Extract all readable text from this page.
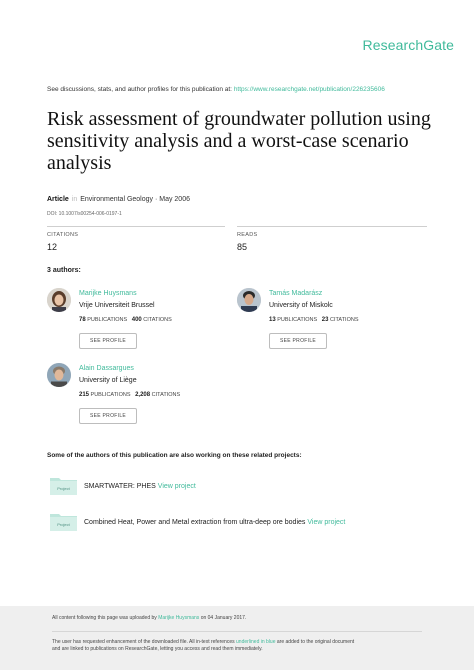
ResearchGate
See discussions, stats, and author profiles for this publication at: https://www.researchgate.net/publication/226235606
Risk assessment of groundwater pollution using sensitivity analysis and a worst-case scenario analysis
Article in Environmental Geology · May 2006
DOI: 10.1007/s00254-006-0197-1
CITATIONS
12
READS
85
3 authors:
Marijke Huysmans
Vrije Universiteit Brussel
78 PUBLICATIONS 400 CITATIONS
SEE PROFILE
Tamás Madarász
University of Miskolc
13 PUBLICATIONS 23 CITATIONS
SEE PROFILE
Alain Dassargues
University of Liège
215 PUBLICATIONS 2,208 CITATIONS
SEE PROFILE
Some of the authors of this publication are also working on these related projects:
Project SMARTWATER: PHES View project
Project Combined Heat, Power and Metal extraction from ultra-deep ore bodies View project
All content following this page was uploaded by Marijke Huysmans on 04 January 2017.
The user has requested enhancement of the downloaded file. All in-text references underlined in blue are added to the original document
and are linked to publications on ResearchGate, letting you access and read them immediately.
